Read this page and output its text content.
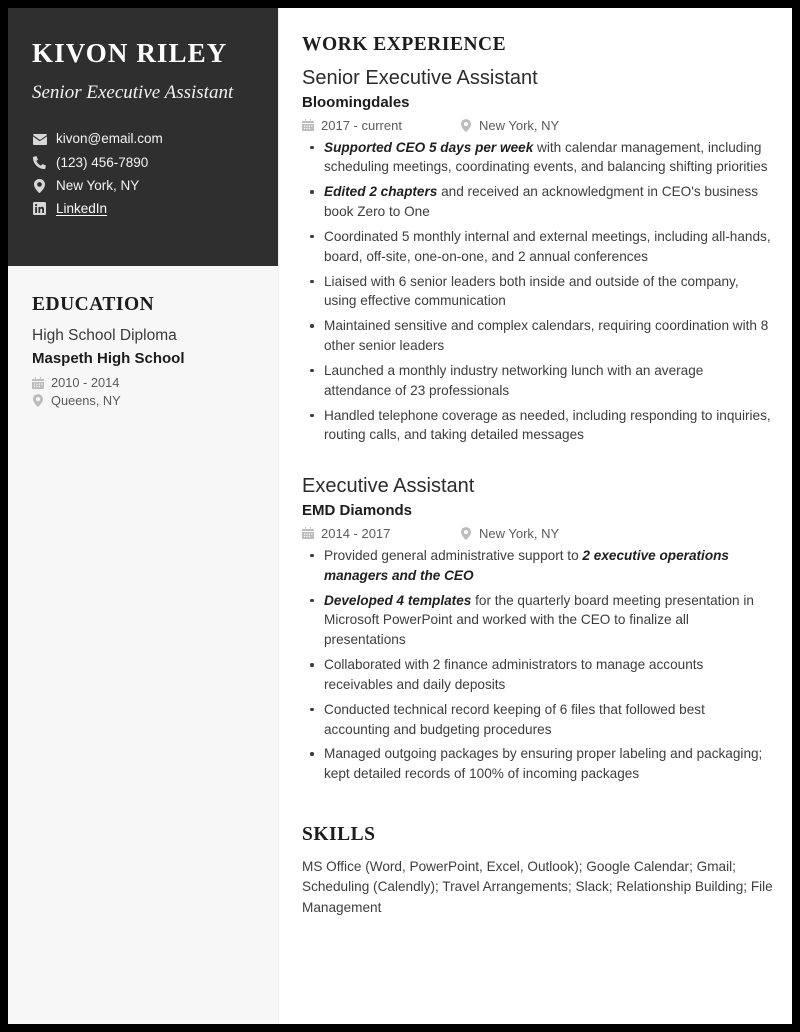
KIVON RILEY
Senior Executive Assistant
kivon@email.com
(123) 456-7890
New York, NY
LinkedIn
EDUCATION
High School Diploma
Maspeth High School
2010 - 2014
Queens, NY
WORK EXPERIENCE
Senior Executive Assistant
Bloomingdales
2017 - current	New York, NY
Supported CEO 5 days per week with calendar management, including scheduling meetings, coordinating events, and balancing shifting priorities
Edited 2 chapters and received an acknowledgment in CEO's business book Zero to One
Coordinated 5 monthly internal and external meetings, including all-hands, board, off-site, one-on-one, and 2 annual conferences
Liaised with 6 senior leaders both inside and outside of the company, using effective communication
Maintained sensitive and complex calendars, requiring coordination with 8 other senior leaders
Launched a monthly industry networking lunch with an average attendance of 23 professionals
Handled telephone coverage as needed, including responding to inquiries, routing calls, and taking detailed messages
Executive Assistant
EMD Diamonds
2014 - 2017	New York, NY
Provided general administrative support to 2 executive operations managers and the CEO
Developed 4 templates for the quarterly board meeting presentation in Microsoft PowerPoint and worked with the CEO to finalize all presentations
Collaborated with 2 finance administrators to manage accounts receivables and daily deposits
Conducted technical record keeping of 6 files that followed best accounting and budgeting procedures
Managed outgoing packages by ensuring proper labeling and packaging; kept detailed records of 100% of incoming packages
SKILLS
MS Office (Word, PowerPoint, Excel, Outlook); Google Calendar; Gmail; Scheduling (Calendly); Travel Arrangements; Slack; Relationship Building; File Management
